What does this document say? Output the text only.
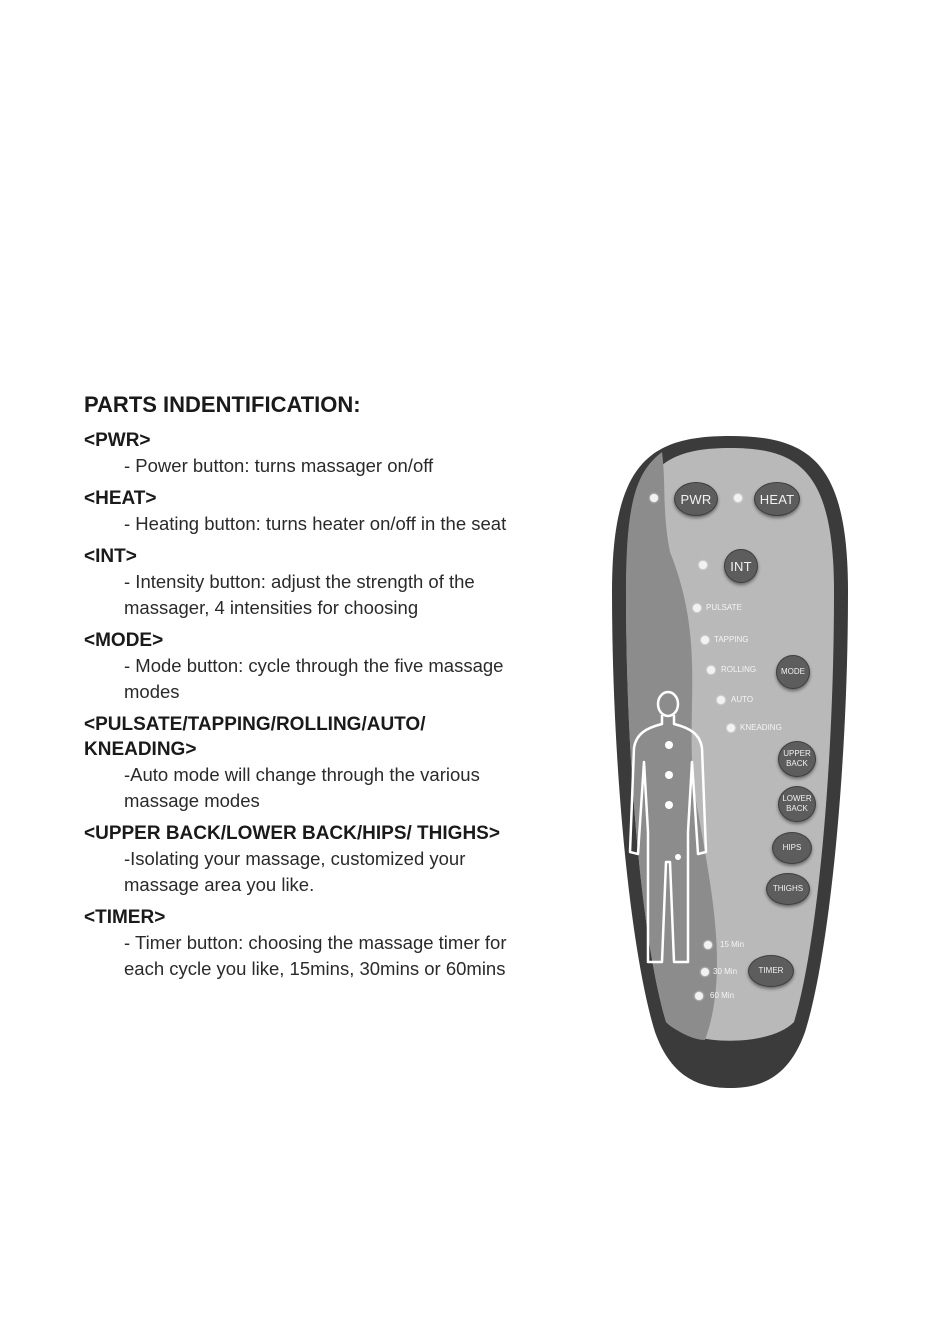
PARTS INDENTIFICATION:
<PWR>
- Power button: turns massager on/off
<HEAT>
- Heating button: turns heater on/off in the seat
<INT>
- Intensity button: adjust the strength of the massager, 4 intensities for choosing
<MODE>
- Mode button: cycle through the five massage modes
<PULSATE/TAPPING/ROLLING/AUTO/ KNEADING>
-Auto mode will change through the various massage modes
<UPPER BACK/LOWER BACK/HIPS/ THIGHS>
-Isolating your massage, customized your massage area you like.
<TIMER>
- Timer button: choosing the massage timer for each cycle you like, 15mins, 30mins or 60mins
PWR	HEAT
INT
PULSATE
TAPPING
ROLLING
AUTO
KNEADING
MODE
UPPER
BACK
LOWER
BACK
HIPS
THIGHS
15 Min
30 Min
60 Min
TIMER
